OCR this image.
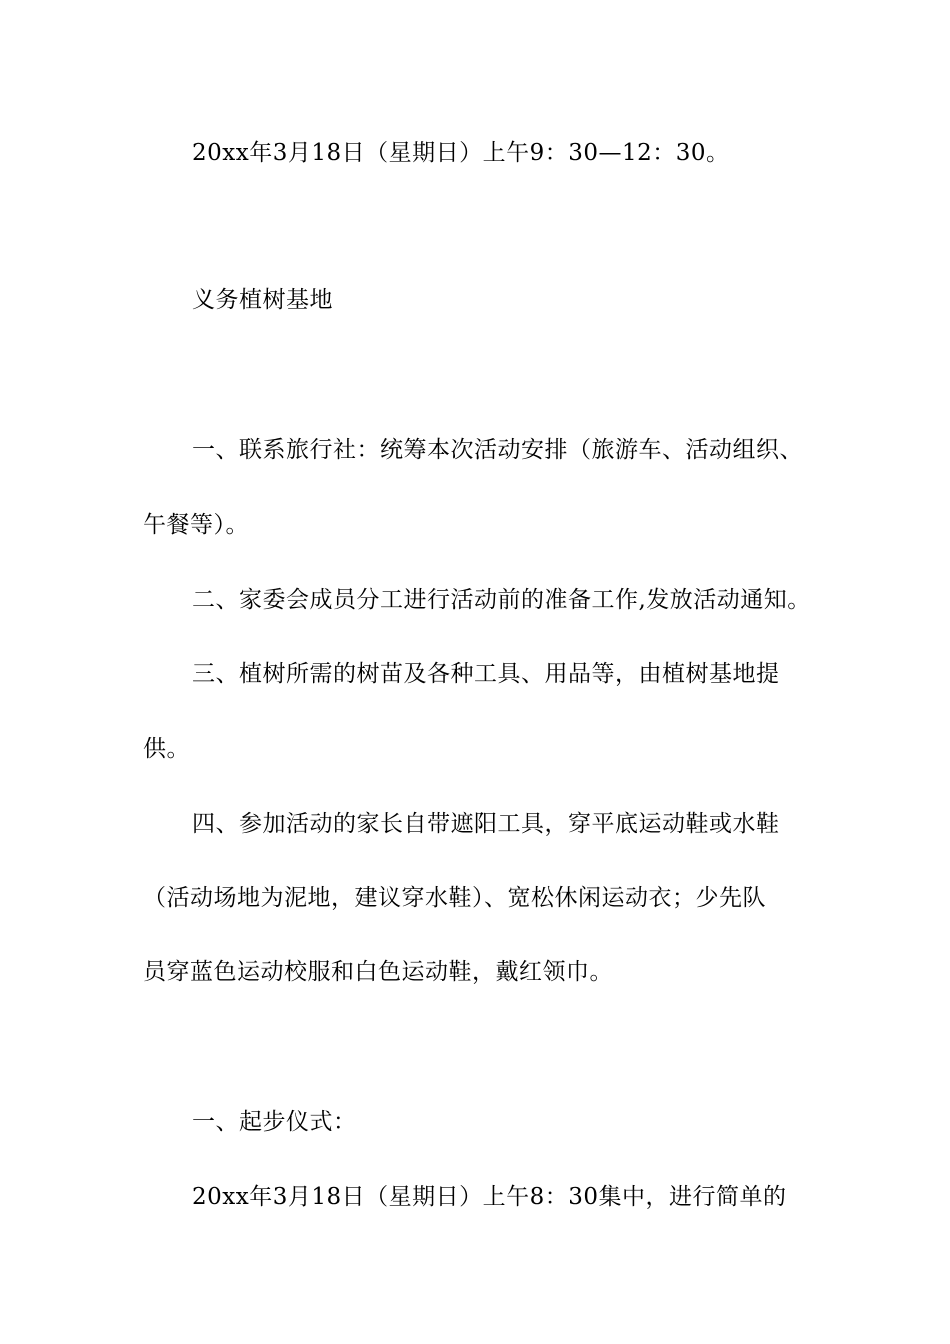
20xx年3月18日（星期日）上午9：30—12：30。
义务植树基地
一、联系旅行社：统筹本次活动安排（旅游车、活动组织、
午餐等）。
二、家委会成员分工进行活动前的准备工作,发放活动通知。
三、植树所需的树苗及各种工具、用品等，由植树基地提
供。
四、参加活动的家长自带遮阳工具，穿平底运动鞋或水鞋
（活动场地为泥地，建议穿水鞋）、宽松休闲运动衣；少先队
员穿蓝色运动校服和白色运动鞋，戴红领巾。
一、起步仪式：
20xx年3月18日（星期日）上午8：30集中，进行简单的
